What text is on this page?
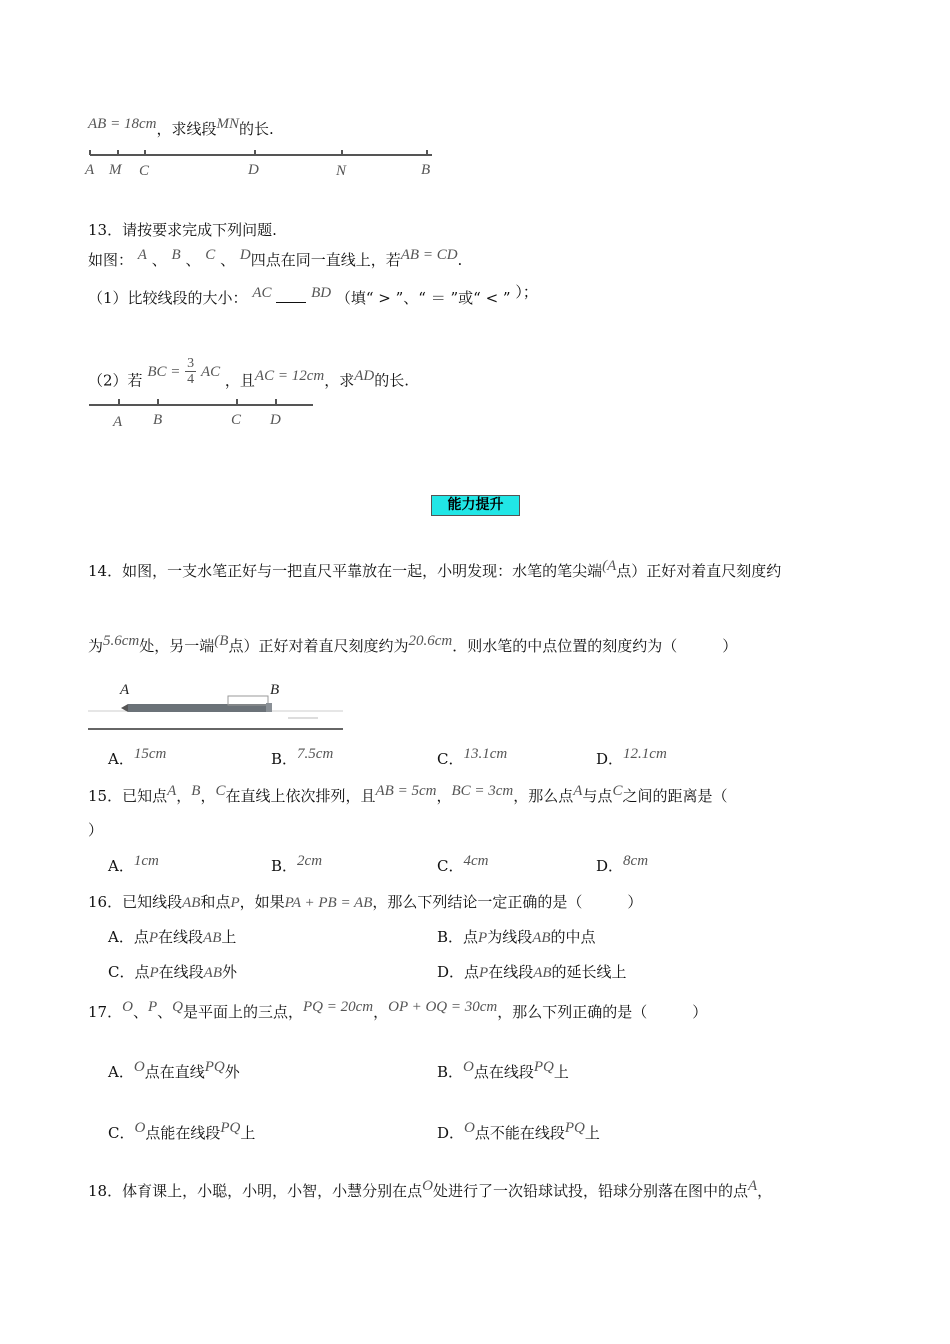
AB = 18cm，求线段MN的长.
A M C	D	N	B
13．请按要求完成下列问题.
如图： A 、 B 、 C 、 D四点在同一直线上，若AB = CD.
（1）比较线段的大小： AC	BD （填“ > ”、“ ＝ ”或“ < ” ）；
（2）若 BC = $\frac{3}{4}$ AC ，且AC = 12cm，求AD的长.
A B	C D
能力提升
14．如图，一支水笔正好与一把直尺平靠放在一起，小明发现：水笔的笔尖端(A点）正好对着直尺刻度约
为5.6cm处，另一端(B点）正好对着直尺刻度约为20.6cm．则水笔的中点位置的刻度约为（　　　）
A	B
A．15cm	B．7.5cm	C．13.1cm	D．12.1cm
15．已知点A，B，C在直线上依次排列，且AB = 5cm，BC = 3cm，那么点A与点C之间的距离是（
）
A．1cm	B．2cm	C．4cm	D．8cm
16．已知线段AB和点P，如果PA + PB = AB，那么下列结论一定正确的是（　　　）
A．点P在线段AB上	B．点P为线段AB的中点
C．点P在线段AB外	D．点P在线段AB的延长线上
17．O、P、Q是平面上的三点，PQ = 20cm，OP + OQ = 30cm，那么下列正确的是（　　　）
A．O点在直线PQ外	B．O点在线段PQ上
C．O点能在线段PQ上	D．O点不能在线段PQ上
18．体育课上，小聪，小明，小智，小慧分别在点O处进行了一次铅球试投，铅球分别落在图中的点A，
